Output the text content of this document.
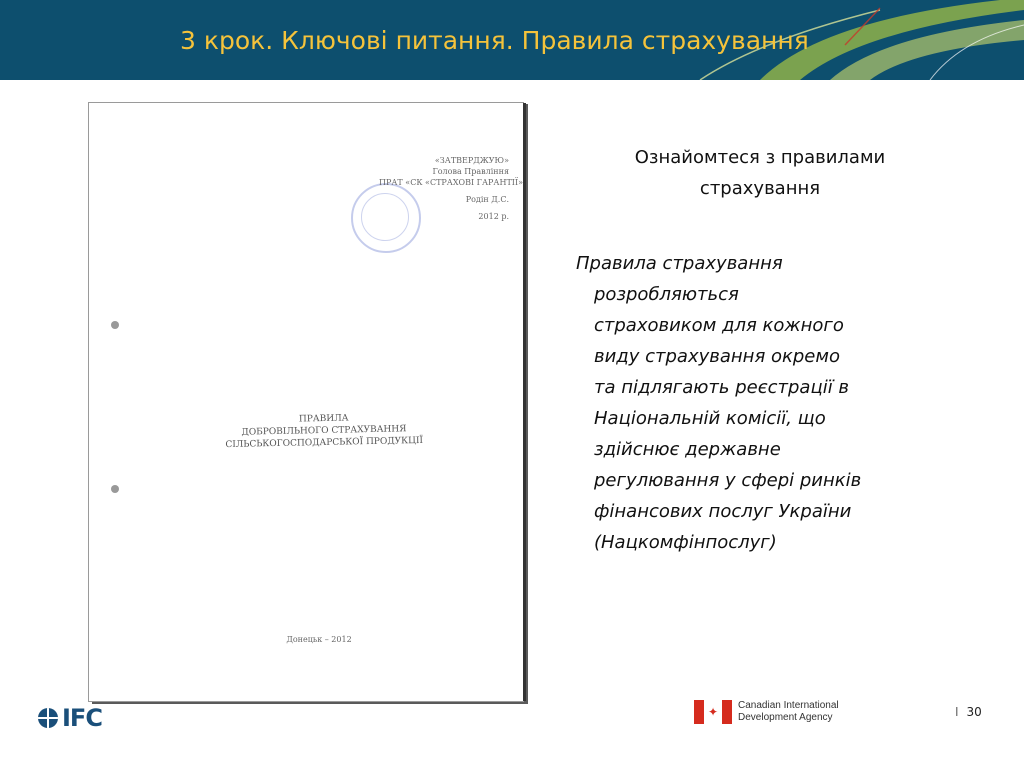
3 крок. Ключові питання. Правила страхування
«ЗАТВЕРДЖУЮ»
Голова Правління
ПРАТ «СК «СТРАХОВІ ГАРАНТІЇ»
Родін Д.С.
2012 р.
ПРАВИЛА
ДОБРОВІЛЬНОГО СТРАХУВАННЯ
СІЛЬСЬКОГОСПОДАРСЬКОЇ ПРОДУКЦІЇ
Донецьк – 2012
Ознайомтеся з правилами
страхування
Правила страхування
розробляються
страховиком для кожного
виду страхування окремо
та підлягають реєстрації в
Національній комісії, що
здійснює державне
регулювання у сфері ринків
фінансових послуг України
(Нацкомфінпослуг)
IFC	✦ Canadian International
Development Agency	I 30
